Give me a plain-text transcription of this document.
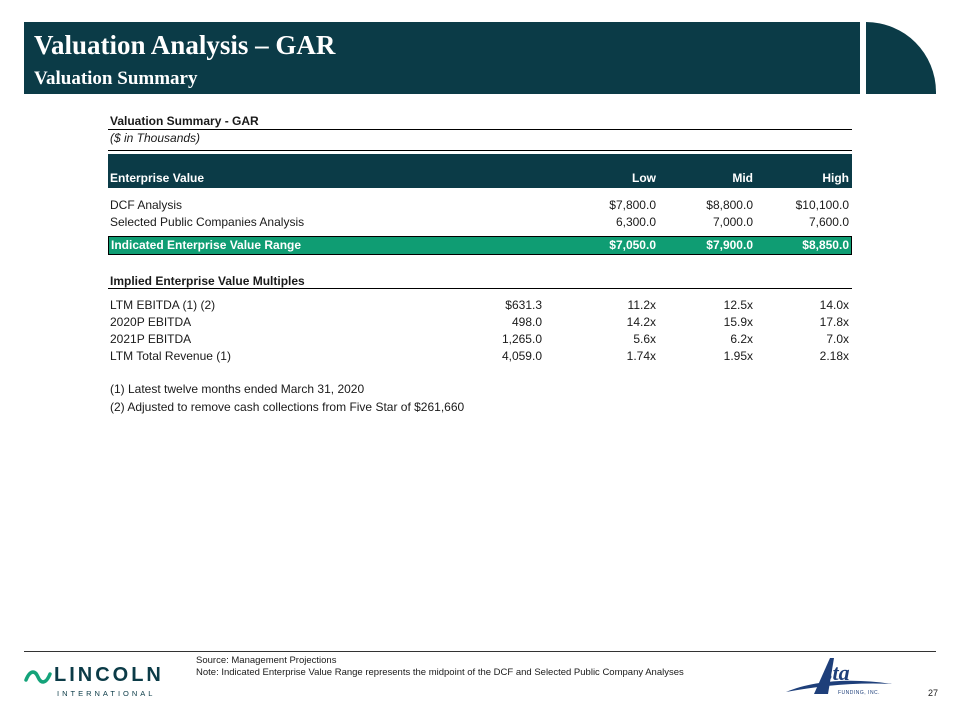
Valuation Analysis – GAR
Valuation Summary
Valuation Summary - GAR
($ in Thousands)
Enterprise Value	Low	Mid	High
DCF Analysis	$7,800.0	$8,800.0	$10,100.0
Selected Public Companies Analysis	6,300.0	7,000.0	7,600.0
Indicated Enterprise Value Range	$7,050.0	$7,900.0	$8,850.0
Implied Enterprise Value Multiples
LTM EBITDA (1) (2)	$631.3	11.2x	12.5x	14.0x
2020P EBITDA	498.0	14.2x	15.9x	17.8x
2021P EBITDA	1,265.0	5.6x	6.2x	7.0x
LTM Total Revenue (1)	4,059.0	1.74x	1.95x	2.18x
(1) Latest twelve months ended March 31, 2020
(2) Adjusted to remove cash collections from Five Star of $261,660
Source: Management Projections
Note: Indicated Enterprise Value Range represents the midpoint of the DCF and Selected Public Company Analyses
LINCOLN
INTERNATIONAL
sta
FUNDING, INC.	27
